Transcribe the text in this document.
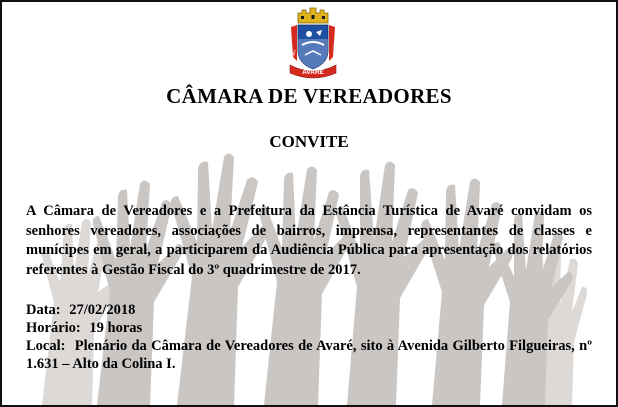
AVARÉ
1861
1875
CÂMARA DE VEREADORES
CONVITE

A Câmara de Vereadores e a Prefeitura da Estância Turística de Avaré convidam os senhores vereadores, associações de bairros, imprensa, representantes de classes e munícipes em geral, a participarem da Audiência Pública para apresentação dos relatórios referentes à Gestão Fiscal do 3º quadrimestre de 2017.

Data: 27/02/2018
Horário: 19 horas
Local: Plenário da Câmara de Vereadores de Avaré, sito à Avenida Gilberto Filgueiras, nº 1.631 – Alto da Colina I.
